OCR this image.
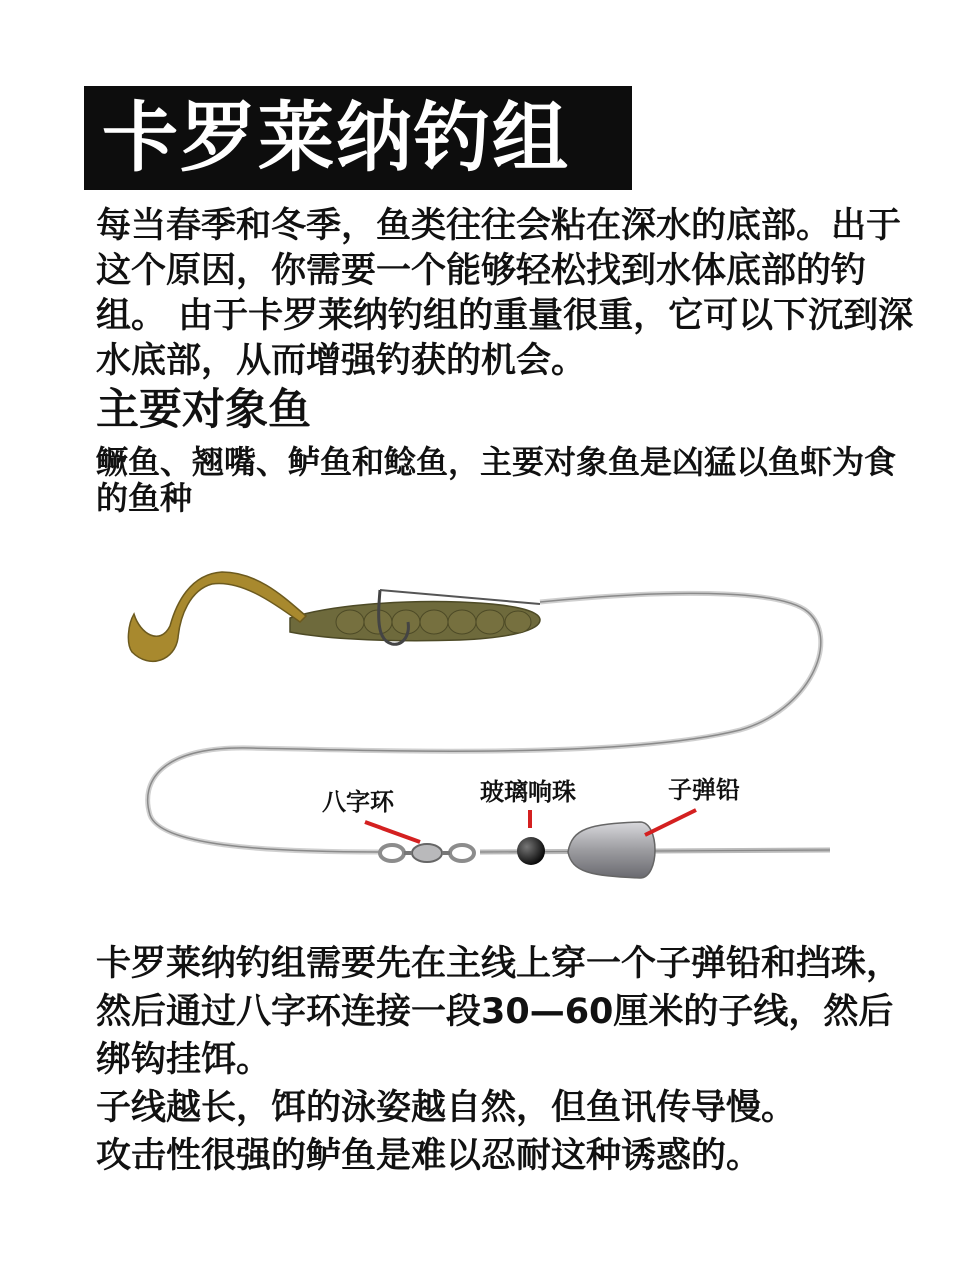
卡罗莱纳钓组

每当春季和冬季，鱼类往往会粘在深水的底部。出于这个原因，你需要一个能够轻松找到水体底部的钓组。 由于卡罗莱纳钓组的重量很重，它可以下沉到深水底部，从而增强钓获的机会。

主要对象鱼

鳜鱼、翘嘴、鲈鱼和鲶鱼，主要对象鱼是凶猛以鱼虾为食的鱼种

八字环	玻璃响珠	子弹铅

卡罗莱纳钓组需要先在主线上穿一个子弹铅和挡珠，然后通过八字环连接一段30—60厘米的子线，然后绑钩挂饵。

子线越长，饵的泳姿越自然，但鱼讯传导慢。

攻击性很强的鲈鱼是难以忍耐这种诱惑的。
